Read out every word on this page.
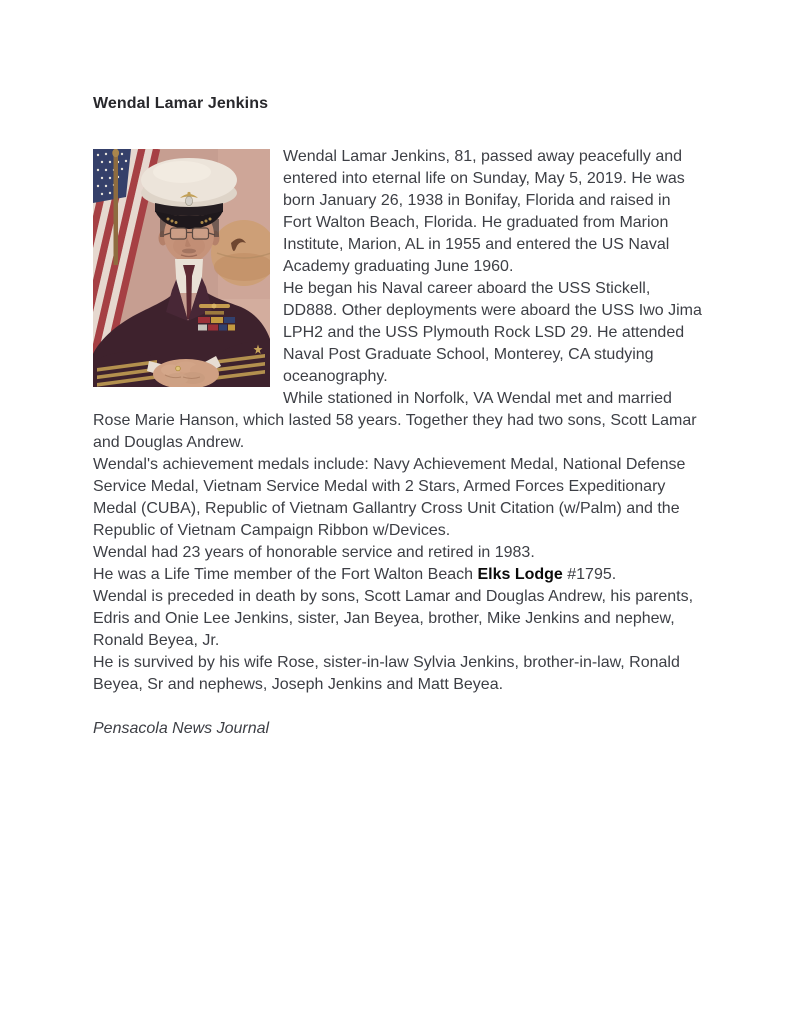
Wendal Lamar Jenkins

Wendal Lamar Jenkins, 81, passed away peacefully and entered into eternal life on Sunday, May 5, 2019. He was born January 26, 1938 in Bonifay, Florida and raised in Fort Walton Beach, Florida. He graduated from Marion Institute, Marion, AL in 1955 and entered the US Naval Academy graduating June 1960.

He began his Naval career aboard the USS Stickell, DD888. Other deployments were aboard the USS Iwo Jima LPH2 and the USS Plymouth Rock LSD 29. He attended Naval Post Graduate School, Monterey, CA studying oceanography.

While stationed in Norfolk, VA Wendal met and married Rose Marie Hanson, which lasted 58 years. Together they had two sons, Scott Lamar and Douglas Andrew.

Wendal's achievement medals include: Navy Achievement Medal, National Defense Service Medal, Vietnam Service Medal with 2 Stars, Armed Forces Expeditionary Medal (CUBA), Republic of Vietnam Gallantry Cross Unit Citation (w/Palm) and the Republic of Vietnam Campaign Ribbon w/Devices.

Wendal had 23 years of honorable service and retired in 1983.

He was a Life Time member of the Fort Walton Beach Elks Lodge #1795.

Wendal is preceded in death by sons, Scott Lamar and Douglas Andrew, his parents, Edris and Onie Lee Jenkins, sister, Jan Beyea, brother, Mike Jenkins and nephew, Ronald Beyea, Jr.

He is survived by his wife Rose, sister-in-law Sylvia Jenkins, brother-in-law, Ronald Beyea, Sr and nephews, Joseph Jenkins and Matt Beyea.

Pensacola News Journal
